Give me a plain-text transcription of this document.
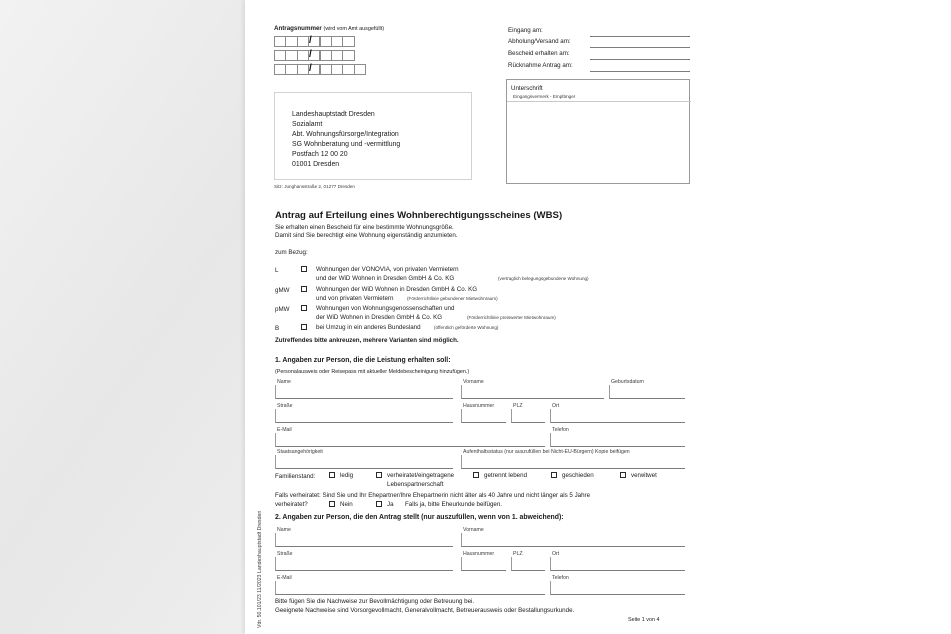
Antragsnummer (wird vom Amt ausgefüllt)
/
/
/
Landeshauptstadt Dresden
Sozialamt
Abt. Wohnungsfürsorge/Integration
SG Wohnberatung und -vermittlung
Postfach 12 00 20
01001 Dresden
Sitz: Junghansstraße 2, 01277 Dresden
Eingang am:
Abholung/Versand am:
Bescheid erhalten am:
Rücknahme Antrag am:
Unterschrift
Eingangsvermerk - Empfänger
Antrag auf Erteilung eines Wohnberechtigungsscheines (WBS)
Sie erhalten einen Bescheid für eine bestimmte Wohnungsgröße.
Damit sind Sie berechtigt eine Wohnung eigenständig anzumieten.
zum Bezug:
L	Wohnungen der VONOVIA, von privaten Vermietern
und der WiD Wohnen in Dresden GmbH & Co. KG	(vertraglich belegungsgebundene Wohnung)
gMW	Wohnungen der WiD Wohnen in Dresden GmbH & Co. KG
und von privaten Vermietern	(Förderrichtlinie gebundener Mietwohnraum)
pMW	Wohnungen von Wohnungsgenossenschaften und
der WiD Wohnen in Dresden GmbH & Co. KG	(Förderrichtlinie preiswerter Mietwohnraum)
B	bei Umzug in ein anderes Bundesland	(öffentlich geförderte Wohnung)
Zutreffendes bitte ankreuzen, mehrere Varianten sind möglich.
1. Angaben zur Person, die die Leistung erhalten soll:
(Personalausweis oder Reisepass mit aktueller Meldebescheinigung hinzufügen.)
Name	Vorname	Geburtsdatum
Straße	Hausnummer	PLZ	Ort
E-Mail	Telefon
Staatsangehörigkeit	Aufenthaltsstatus (nur auszufüllen bei Nicht-EU-Bürgern) Kopie beifügen
Familienstand:	ledig	verheiratet/eingetragene
Lebenspartnerschaft
getrennt lebend	geschieden	verwitwet
Falls verheiratet: Sind Sie und Ihr Ehepartner/Ihre Ehepartnerin nicht älter als 40 Jahre und nicht länger als 5 Jahre
verheiratet?	Nein	Ja Falls ja, bitte Eheurkunde beifügen.
2. Angaben zur Person, die den Antrag stellt (nur auszufüllen, wenn von 1. abweichend):
Name	Vorname
Straße	Hausnummer	PLZ	Ort
E-Mail	Telefon
Bitte fügen Sie die Nachweise zur Bevollmächtigung oder Betreuung bei.
Geeignete Nachweise sind Vorsorgevollmacht, Generalvollmacht, Betreuerausweis oder Bestallungsurkunde.
Seite 1 von 4
Vdr. 50.101/23 11/2023 Landeshauptstadt Dresden
